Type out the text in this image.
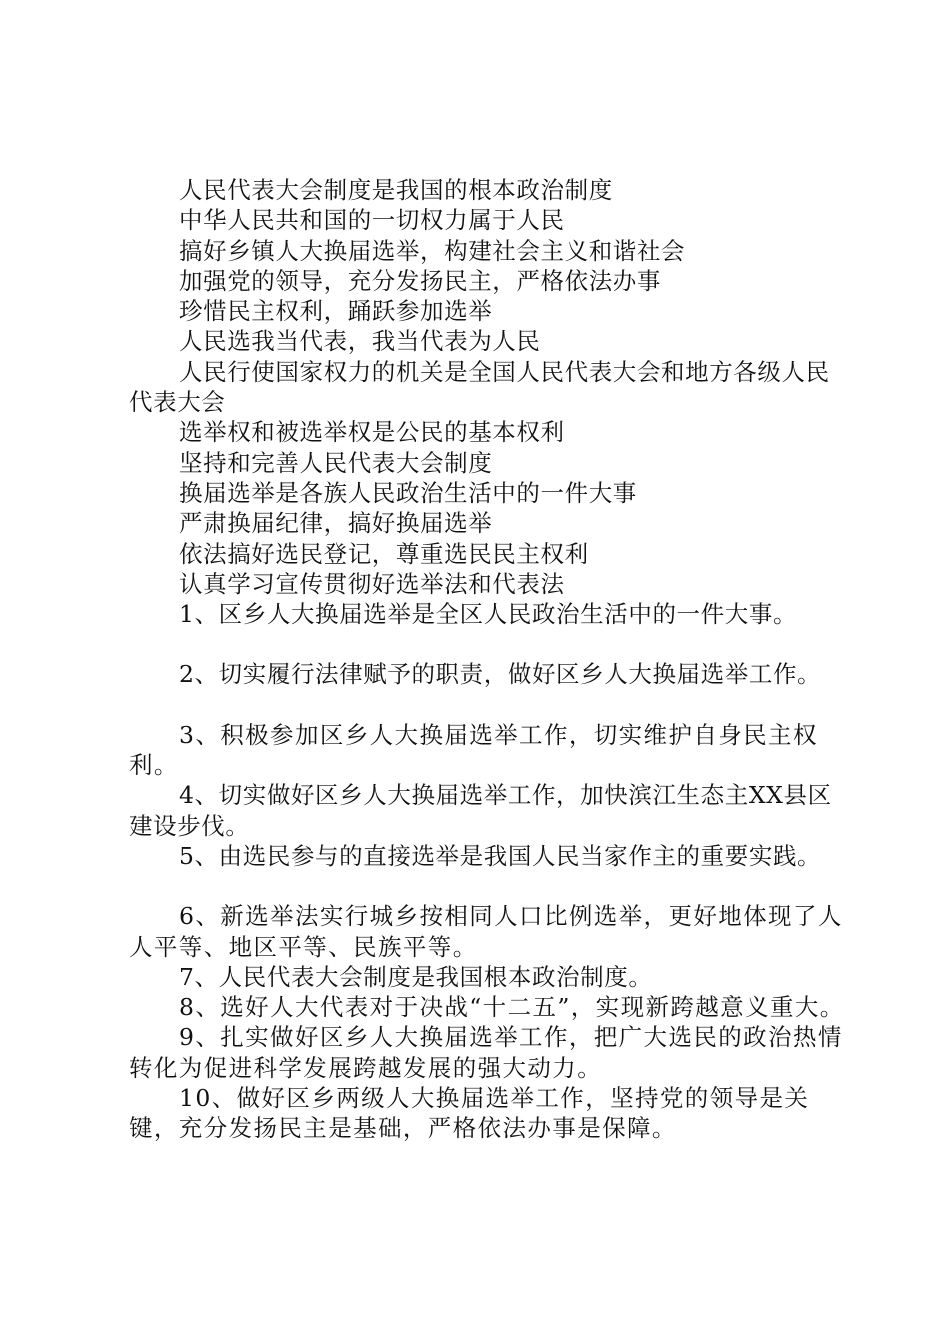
人民代表大会制度是我国的根本政治制度
中华人民共和国的一切权力属于人民
搞好乡镇人大换届选举，构建社会主义和谐社会
加强党的领导，充分发扬民主，严格依法办事
珍惜民主权利，踊跃参加选举
人民选我当代表，我当代表为人民
人民行使国家权力的机关是全国人民代表大会和地方各级人民代表大会
选举权和被选举权是公民的基本权利
坚持和完善人民代表大会制度
换届选举是各族人民政治生活中的一件大事
严肃换届纪律，搞好换届选举
依法搞好选民登记，尊重选民民主权利
认真学习宣传贯彻好选举法和代表法
1、区乡人大换届选举是全区人民政治生活中的一件大事。
2、切实履行法律赋予的职责，做好区乡人大换届选举工作。
3、积极参加区乡人大换届选举工作，切实维护自身民主权利。
4、切实做好区乡人大换届选举工作，加快滨江生态主XX县区建设步伐。
5、由选民参与的直接选举是我国人民当家作主的重要实践。
6、新选举法实行城乡按相同人口比例选举，更好地体现了人人平等、地区平等、民族平等。
7、人民代表大会制度是我国根本政治制度。
8、选好人大代表对于决战“十二五”，实现新跨越意义重大。
9、扎实做好区乡人大换届选举工作，把广大选民的政治热情转化为促进科学发展跨越发展的强大动力。
10、做好区乡两级人大换届选举工作，坚持党的领导是关键，充分发扬民主是基础，严格依法办事是保障。
